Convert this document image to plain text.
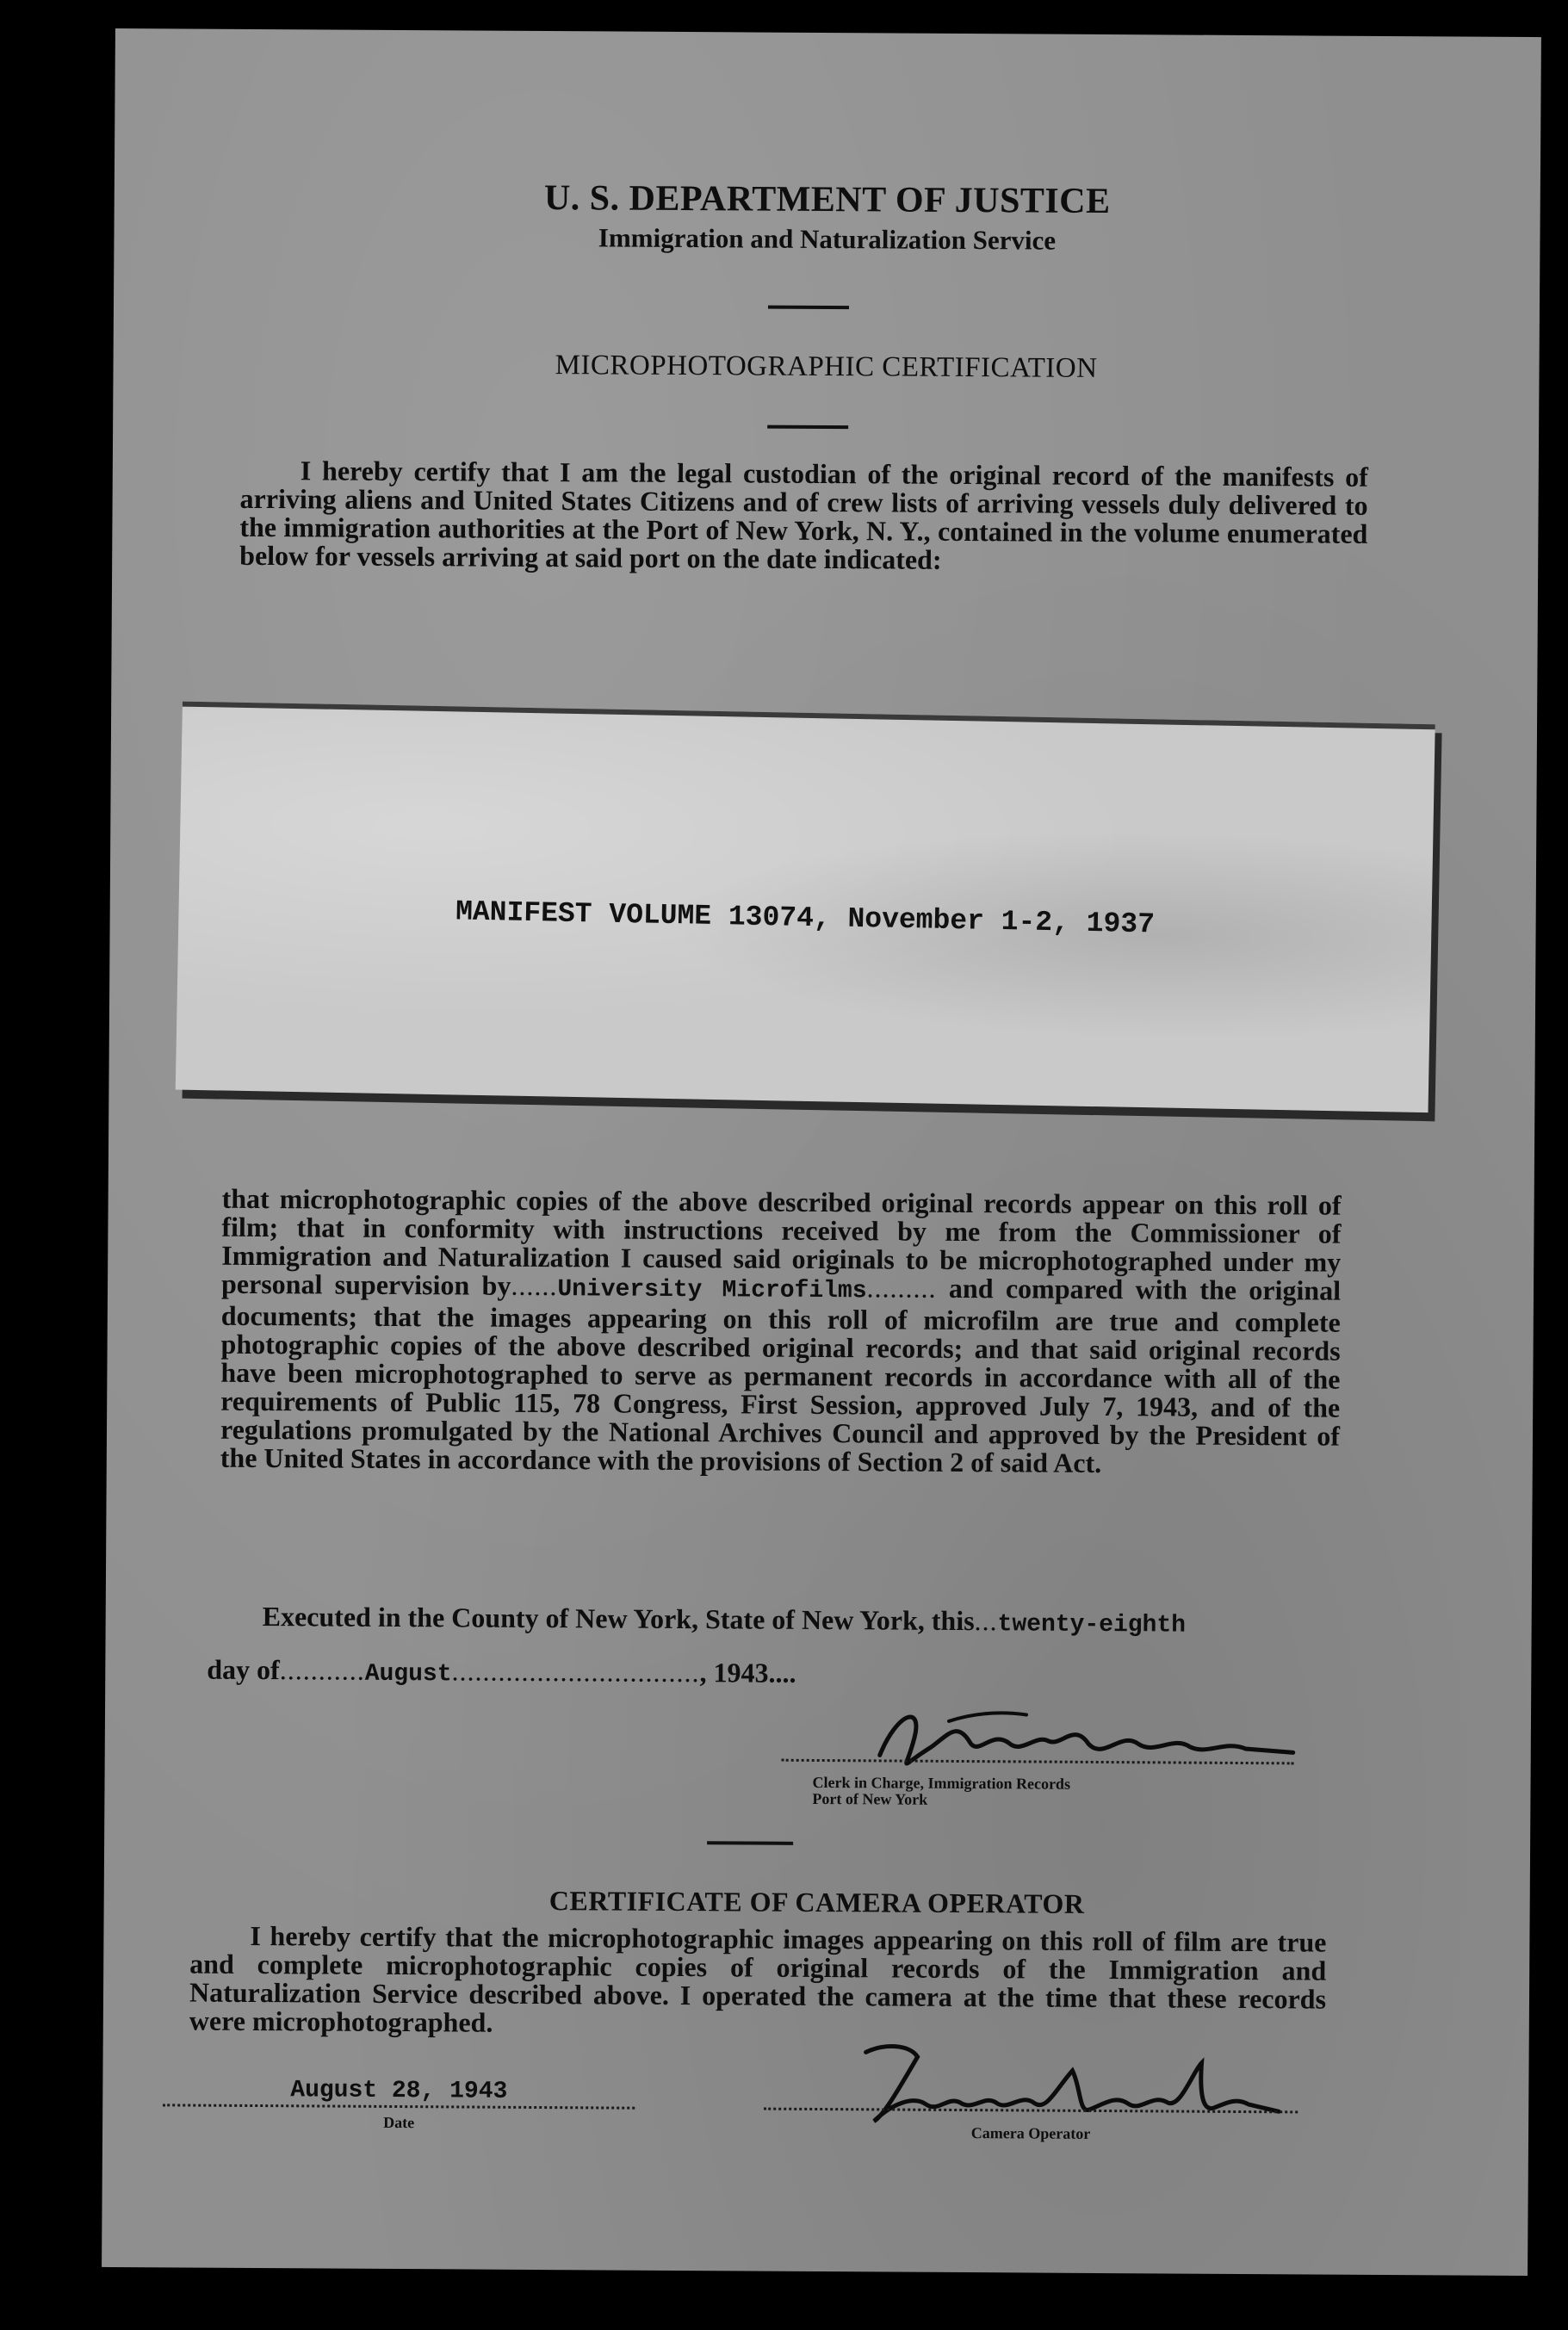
U. S. DEPARTMENT OF JUSTICE
Immigration and Naturalization Service
MICROPHOTOGRAPHIC CERTIFICATION
I hereby certify that I am the legal custodian of the original record of the manifests of arriving aliens and United States Citizens and of crew lists of arriving vessels duly delivered to the immigration authorities at the Port of New York, N. Y., contained in the volume enumerated below for vessels arriving at said port on the date indicated:
MANIFEST VOLUME 13074, November 1-2, 1937
that microphotographic copies of the above described original records appear on this roll of film; that in conformity with instructions received by me from the Commissioner of Immigration and Naturalization I caused said originals to be microphotographed under my personal supervision by......University Microfilms......... and compared with the original documents; that the images appearing on this roll of microfilm are true and complete photographic copies of the above described original records; and that said original records have been microphotographed to serve as permanent records in accordance with all of the requirements of Public 115, 78 Congress, First Session, approved July 7, 1943, and of the regulations promulgated by the National Archives Council and approved by the President of the United States in accordance with the provisions of Section 2 of said Act.
Executed in the County of New York, State of New York, this...twenty-eighth
day of...........August................................, 1943....
Clerk in Charge, Immigration Records
Port of New York
CERTIFICATE OF CAMERA OPERATOR
I hereby certify that the microphotographic images appearing on this roll of film are true and complete microphotographic copies of original records of the Immigration and Naturalization Service described above. I operated the camera at the time that these records were microphotographed.
August 28, 1943
Date
Camera Operator
